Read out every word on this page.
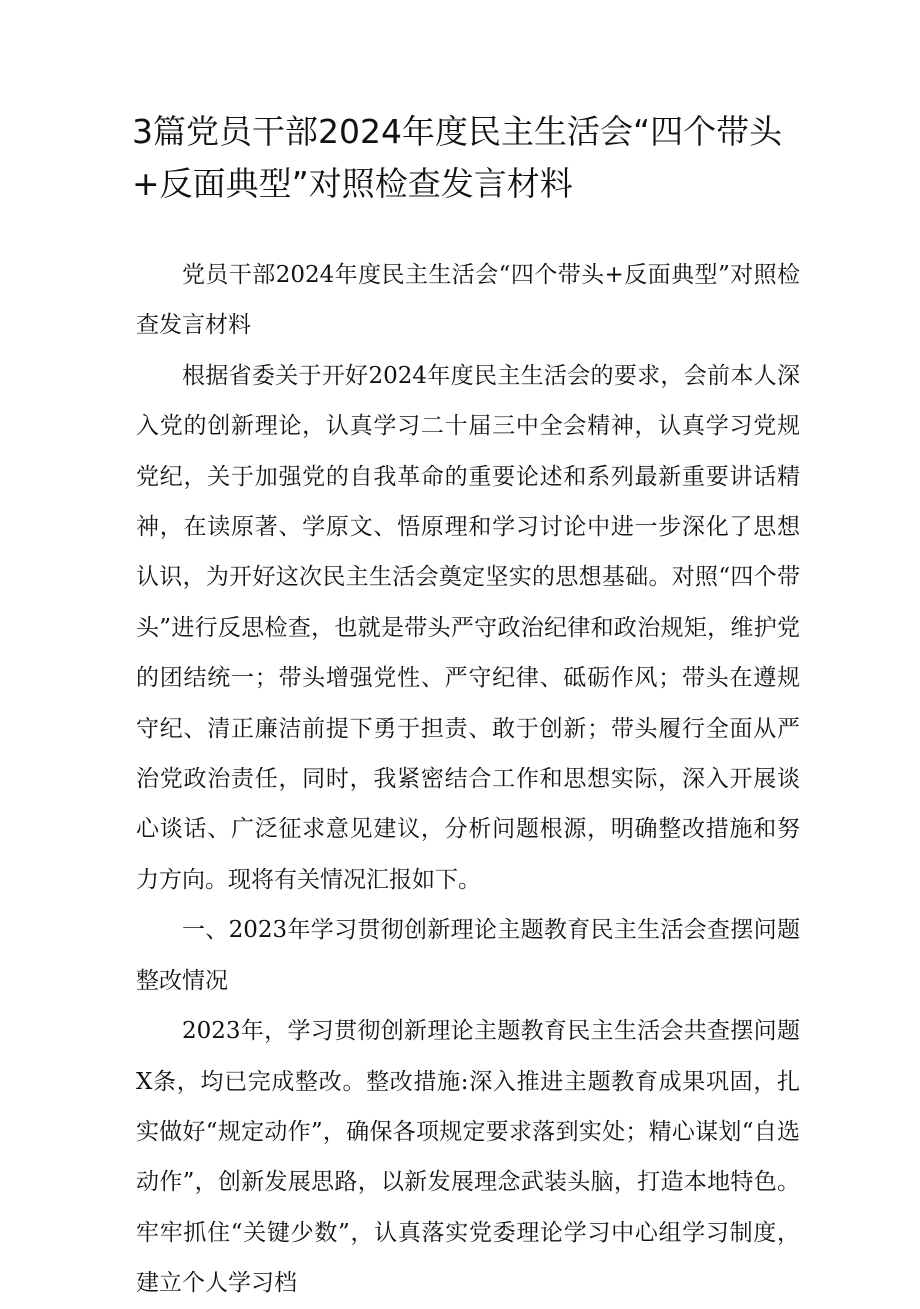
3篇党员干部2024年度民主生活会“四个带头+反面典型”对照检查发言材料

党员干部2024年度民主生活会“四个带头+反面典型”对照检查发言材料

根据省委关于开好2024年度民主生活会的要求，会前本人深入党的创新理论，认真学习二十届三中全会精神，认真学习党规党纪，关于加强党的自我革命的重要论述和系列最新重要讲话精神，在读原著、学原文、悟原理和学习讨论中进一步深化了思想认识，为开好这次民主生活会奠定坚实的思想基础。对照“四个带头”进行反思检查，也就是带头严守政治纪律和政治规矩，维护党的团结统一；带头增强党性、严守纪律、砥砺作风；带头在遵规守纪、清正廉洁前提下勇于担责、敢于创新；带头履行全面从严治党政治责任，同时，我紧密结合工作和思想实际，深入开展谈心谈话、广泛征求意见建议，分析问题根源，明确整改措施和努力方向。现将有关情况汇报如下。

一、2023年学习贯彻创新理论主题教育民主生活会查摆问题整改情况

2023年，学习贯彻创新理论主题教育民主生活会共查摆问题X条，均已完成整改。整改措施:深入推进主题教育成果巩固，扎实做好“规定动作”，确保各项规定要求落到实处；精心谋划“自选动作”，创新发展思路，以新发展理念武装头脑，打造本地特色。牢牢抓住“关键少数”，认真落实党委理论学习中心组学习制度，建立个人学习档
